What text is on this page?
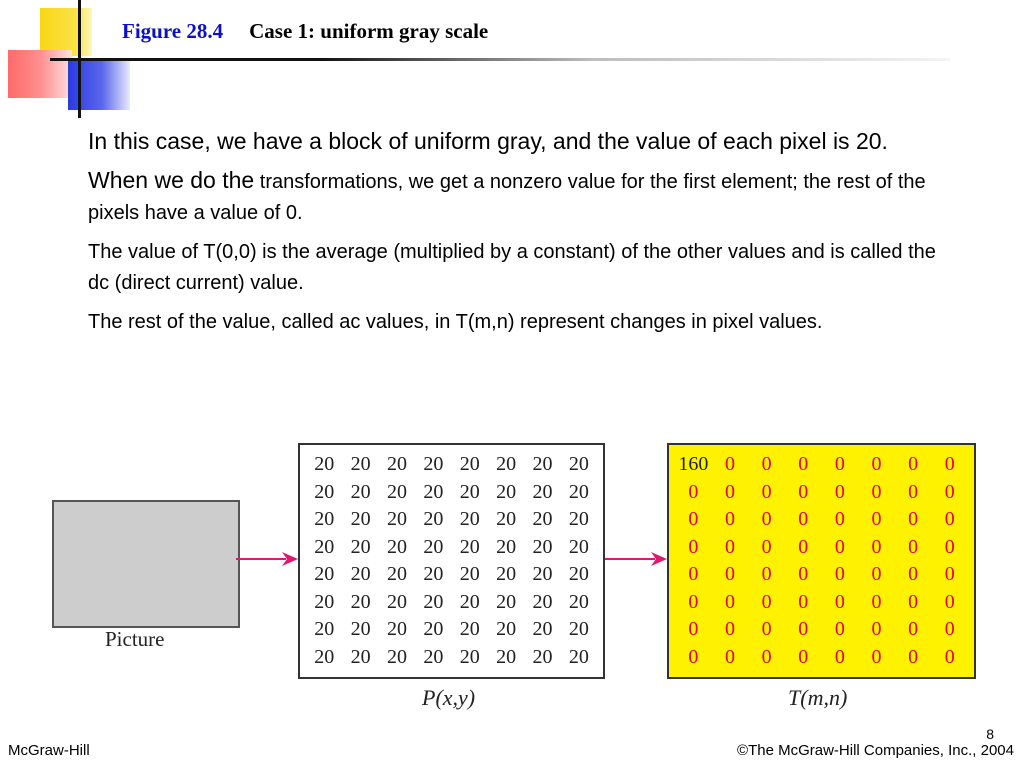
Figure 28.4 Case 1: uniform gray scale

In this case, we have a block of uniform gray, and the value of each pixel is 20.

When we do the transformations, we get a nonzero value for the first element; the rest of the pixels have a value of 0.

The value of T(0,0) is the average (multiplied by a constant) of the other values and is called the dc (direct current) value.

The rest of the value, called ac values, in T(m,n) represent changes in pixel values.

Picture
20 20 20 20 20 20 20 20
20 20 20 20 20 20 20 20
20 20 20 20 20 20 20 20
20 20 20 20 20 20 20 20
20 20 20 20 20 20 20 20
20 20 20 20 20 20 20 20
20 20 20 20 20 20 20 20
20 20 20 20 20 20 20 20
P(x,y)
160 0	0	0	0	0	0	0
0	0	0	0	0	0	0	0
0	0	0	0	0	0	0	0
0	0	0	0	0	0	0	0
0	0	0	0	0	0	0	0
0	0	0	0	0	0	0	0
0	0	0	0	0	0	0	0
0	0	0	0	0	0	0	0
T(m,n)
8
McGraw-Hill	©The McGraw-Hill Companies, Inc., 2004
